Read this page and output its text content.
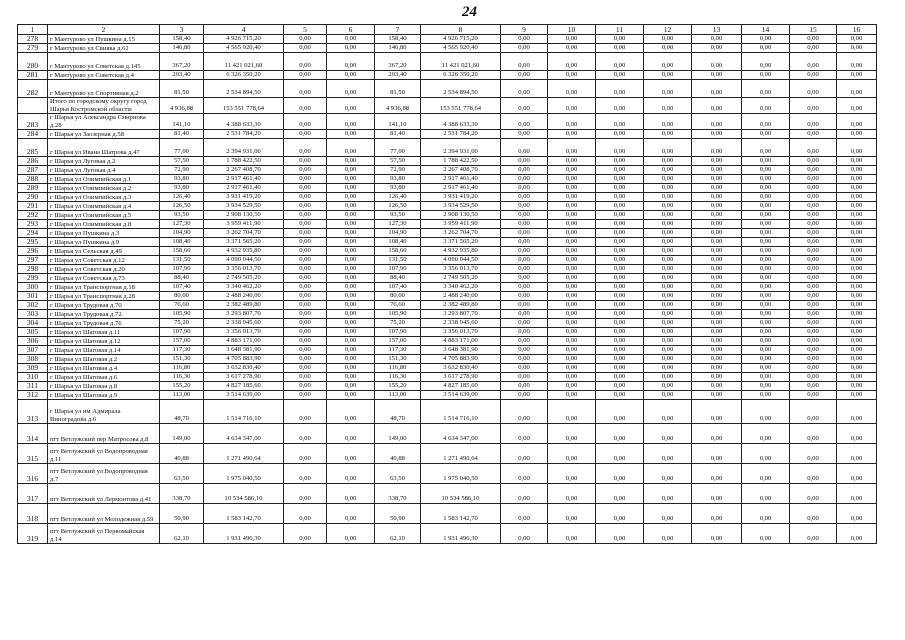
24
1	2	3	4	5	6	7	8	9	10	11	12	13	14	15	16
278	г Мантурово ул Пушкина д.15	158,40	4 926 715,20	0,00	0,00	158,40	4 926 715,20	0,00	0,00	0,00	0,00	0,00	0,00	0,00	0,00
279	г Мантурово ул Свияка д.61	146,80	4 565 920,40	0,00	0,00	146,80	4 565 920,40	0,00	0,00	0,00	0,00	0,00	0,00	0,00	0,00
280	г Мантурово ул Советская д.145	367,20	11 421 021,60	0,00	0,00	367,20	11 421 021,60	0,00	0,00	0,00	0,00	0,00	0,00	0,00	0,00
281	г Мантурово ул Советская д.4	203,40	6 326 350,20	0,00	0,00	203,40	6 326 350,20	0,00	0,00	0,00	0,00	0,00	0,00	0,00	0,00
282	г Мантурово ул Спортивная д.2	81,50	2 534 894,50	0,00	0,00	81,50	2 534 894,50	0,00	0,00	0,00	0,00	0,00	0,00	0,00	0,00
	Итого по городскому округу город Шарья Костромской области:	4 936,88	153 551 778,64	0,00	0,00	4 936,88	153 551 778,64	0,00	0,00	0,00	0,00	0,00	0,00	0,00	0,00
283	г Шарья ул Александра Смирнова д.28	141,10	4 388 633,30	0,00	0,00	141,10	4 388 633,30	0,00	0,00	0,00	0,00	0,00	0,00	0,00	0,00
284	г Шарья ул Заозерная д.58	81,40	2 531 784,20	0,00	0,00	81,40	2 531 784,20	0,00	0,00	0,00	0,00	0,00	0,00	0,00	0,00
285	г Шарья ул Ивана Шатрова д.47	77,00	2 394 931,00	0,00	0,00	77,00	2 394 931,00	0,00	0,00	0,00	0,00	0,00	0,00	0,00	0,00
286	г Шарья ул Луговая д.2	57,50	1 788 422,50	0,00	0,00	57,50	1 788 422,50	0,00	0,00	0,00	0,00	0,00	0,00	0,00	0,00
287	г Шарья ул Луговая д.4	72,90	2 267 408,70	0,00	0,00	72,90	2 267 408,70	0,00	0,00	0,00	0,00	0,00	0,00	0,00	0,00
288	г Шарья ул Олимпийская д.1	93,80	2 917 461,40	0,00	0,00	93,80	2 917 461,40	0,00	0,00	0,00	0,00	0,00	0,00	0,00	0,00
289	г Шарья ул Олимпийская д.2	93,80	2 917 461,40	0,00	0,00	93,80	2 917 461,40	0,00	0,00	0,00	0,00	0,00	0,00	0,00	0,00
290	г Шарья ул Олимпийская д.3	126,40	3 931 419,20	0,00	0,00	126,40	3 931 419,20	0,00	0,00	0,00	0,00	0,00	0,00	0,00	0,00
291	г Шарья ул Олимпийская д.4	126,50	3 934 529,50	0,00	0,00	126,50	3 934 529,50	0,00	0,00	0,00	0,00	0,00	0,00	0,00	0,00
292	г Шарья ул Олимпийская д.5	93,50	2 908 130,50	0,00	0,00	93,50	2 908 130,50	0,00	0,00	0,00	0,00	0,00	0,00	0,00	0,00
293	г Шарья ул Олимпийская д.8	127,30	3 959 411,90	0,00	0,00	127,30	3 959 411,90	0,00	0,00	0,00	0,00	0,00	0,00	0,00	0,00
294	г Шарья ул Пушкина д.3	104,90	3 262 704,70	0,00	0,00	104,90	3 262 704,70	0,00	0,00	0,00	0,00	0,00	0,00	0,00	0,00
295	г Шарья ул Пушкина д.9	108,40	3 371 565,20	0,00	0,00	108,40	3 371 565,20	0,00	0,00	0,00	0,00	0,00	0,00	0,00	0,00
296	г Шарья ул Сельская д.49	158,60	4 932 935,80	0,00	0,00	158,60	4 932 935,80	0,00	0,00	0,00	0,00	0,00	0,00	0,00	0,00
297	г Шарья ул Советская д.12	131,50	4 090 044,50	0,00	0,00	131,50	4 090 044,50	0,00	0,00	0,00	0,00	0,00	0,00	0,00	0,00
298	г Шарья ул Советская д.20	107,90	3 356 013,70	0,00	0,00	107,90	3 356 013,70	0,00	0,00	0,00	0,00	0,00	0,00	0,00	0,00
299	г Шарья ул Советская д.73	88,40	2 749 505,20	0,00	0,00	88,40	2 749 505,20	0,00	0,00	0,00	0,00	0,00	0,00	0,00	0,00
300	г Шарья ул Транспортная д.18	107,40	3 340 462,20	0,00	0,00	107,40	3 340 462,20	0,00	0,00	0,00	0,00	0,00	0,00	0,00	0,00
301	г Шарья ул Транспортная д.28	80,00	2 488 240,00	0,00	0,00	80,00	2 488 240,00	0,00	0,00	0,00	0,00	0,00	0,00	0,00	0,00
302	г Шарья ул Трудовая д.70	76,60	2 382 489,80	0,00	0,00	76,60	2 382 489,80	0,00	0,00	0,00	0,00	0,00	0,00	0,00	0,00
303	г Шарья ул Трудовая д.72	105,90	3 293 807,70	0,00	0,00	105,90	3 293 807,70	0,00	0,00	0,00	0,00	0,00	0,00	0,00	0,00
304	г Шарья ул Трудовая д.76	75,20	2 338 945,60	0,00	0,00	75,20	2 338 945,60	0,00	0,00	0,00	0,00	0,00	0,00	0,00	0,00
305	г Шарья ул Шаговая д.11	107,90	3 356 013,70	0,00	0,00	107,90	3 356 013,70	0,00	0,00	0,00	0,00	0,00	0,00	0,00	0,00
306	г Шарья ул Шаговая д.12	157,00	4 883 171,00	0,00	0,00	157,00	4 883 171,00	0,00	0,00	0,00	0,00	0,00	0,00	0,00	0,00
307	г Шарья ул Шаговая д.14	117,30	3 648 381,90	0,00	0,00	117,30	3 648 381,90	0,00	0,00	0,00	0,00	0,00	0,00	0,00	0,00
308	г Шарья ул Шаговая д.2	151,30	4 705 883,90	0,00	0,00	151,30	4 705 883,90	0,00	0,00	0,00	0,00	0,00	0,00	0,00	0,00
309	г Шарья ул Шаговая д.4	116,80	3 632 830,40	0,00	0,00	116,80	3 632 830,40	0,00	0,00	0,00	0,00	0,00	0,00	0,00	0,00
310	г Шарья ул Шаговая д.6	116,30	3 617 278,90	0,00	0,00	116,30	3 617 278,90	0,00	0,00	0,00	0,00	0,00	0,00	0,00	0,00
311	г Шарья ул Шаговая д.8	155,20	4 827 185,60	0,00	0,00	155,20	4 827 185,60	0,00	0,00	0,00	0,00	0,00	0,00	0,00	0,00
312	г Шарья ул Шаговая д.9	113,00	3 514 639,00	0,00	0,00	113,00	3 514 639,00	0,00	0,00	0,00	0,00	0,00	0,00	0,00	0,00
313	г Шарья ул им Адмирала Виноградова д.6	48,70	1 514 716,10	0,00	0,00	48,70	1 514 716,10	0,00	0,00	0,00	0,00	0,00	0,00	0,00	0,00
314	пгт Ветлужский пер Матросова д.8	149,00	4 634 347,00	0,00	0,00	149,00	4 634 347,00	0,00	0,00	0,00	0,00	0,00	0,00	0,00	0,00
315	пгт Ветлужский ул Водопроводная д.11	40,88	1 271 490,64	0,00	0,00	40,88	1 271 490,64	0,00	0,00	0,00	0,00	0,00	0,00	0,00	0,00
316	пгт Ветлужский ул Водопроводная д.7	63,50	1 975 040,50	0,00	0,00	63,50	1 975 040,50	0,00	0,00	0,00	0,00	0,00	0,00	0,00	0,00
317	пгт Ветлужский ул Лермонтова д.41	338,70	10 534 586,10	0,00	0,00	338,70	10 534 586,10	0,00	0,00	0,00	0,00	0,00	0,00	0,00	0,00
318	пгт Ветлужский ул Молодежная д.59	50,90	1 583 142,70	0,00	0,00	50,90	1 583 142,70	0,00	0,00	0,00	0,00	0,00	0,00	0,00	0,00
319	пгт Ветлужский ул Первомайская д.14	62,10	1 931 496,30	0,00	0,00	62,10	1 931 496,30	0,00	0,00	0,00	0,00	0,00	0,00	0,00	0,00
